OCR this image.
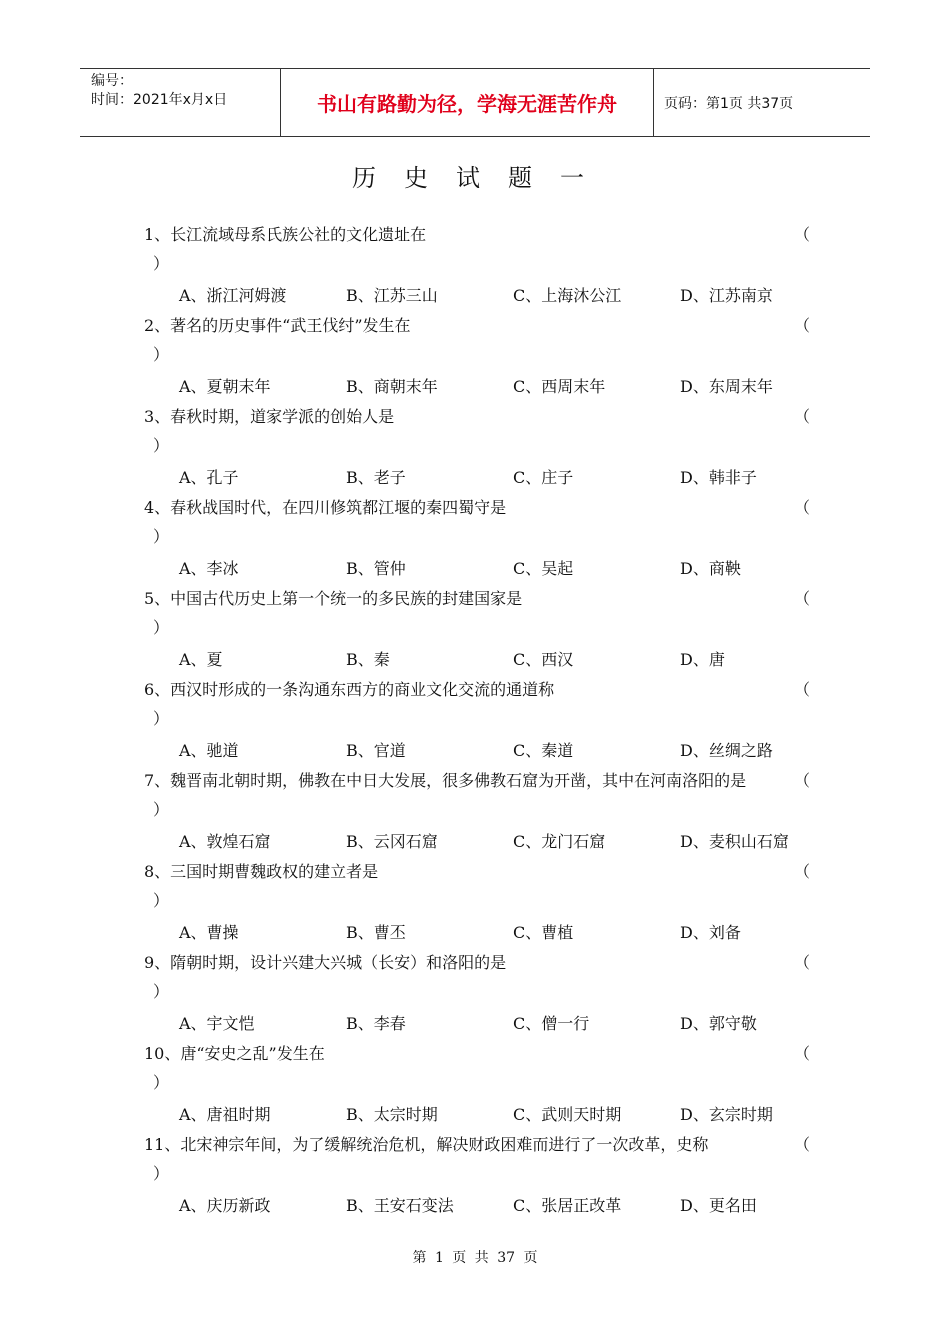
编号：
时间：2021年x月x日	书山有路勤为径，学海无涯苦作舟	页码：第1页 共37页
历史试题一
1、长江流域母系氏族公社的文化遗址在	（
）
A、浙江河姆渡	B、江苏三山	C、上海沐公江	D、江苏南京
2、著名的历史事件“武王伐纣”发生在	（
）
A、夏朝末年	B、商朝末年	C、西周末年	D、东周末年
3、春秋时期，道家学派的创始人是	（
）
A、孔子	B、老子	C、庄子	D、韩非子
4、春秋战国时代，在四川修筑都江堰的秦四蜀守是	（
）
A、李冰	B、管仲	C、吴起	D、商鞅
5、中国古代历史上第一个统一的多民族的封建国家是	（
）
A、夏	B、秦	C、西汉	D、唐
6、西汉时形成的一条沟通东西方的商业文化交流的通道称	（
）
A、驰道	B、官道	C、秦道	D、丝绸之路
7、魏晋南北朝时期，佛教在中日大发展，很多佛教石窟为开凿，其中在河南洛阳的是	（
）
A、敦煌石窟	B、云冈石窟	C、龙门石窟	D、麦积山石窟
8、三国时期曹魏政权的建立者是	（
）
A、曹操	B、曹丕	C、曹植	D、刘备
9、隋朝时期，设计兴建大兴城（长安）和洛阳的是	（
）
A、宇文恺	B、李春	C、僧一行	D、郭守敬
10、唐“安史之乱”发生在	（
）
A、唐祖时期	B、太宗时期	C、武则天时期	D、玄宗时期
11、北宋神宗年间，为了缓解统治危机，解决财政困难而进行了一次改革，史称	（
）
A、庆历新政	B、王安石变法	C、张居正改革	D、更名田
第 1 页 共 37 页
